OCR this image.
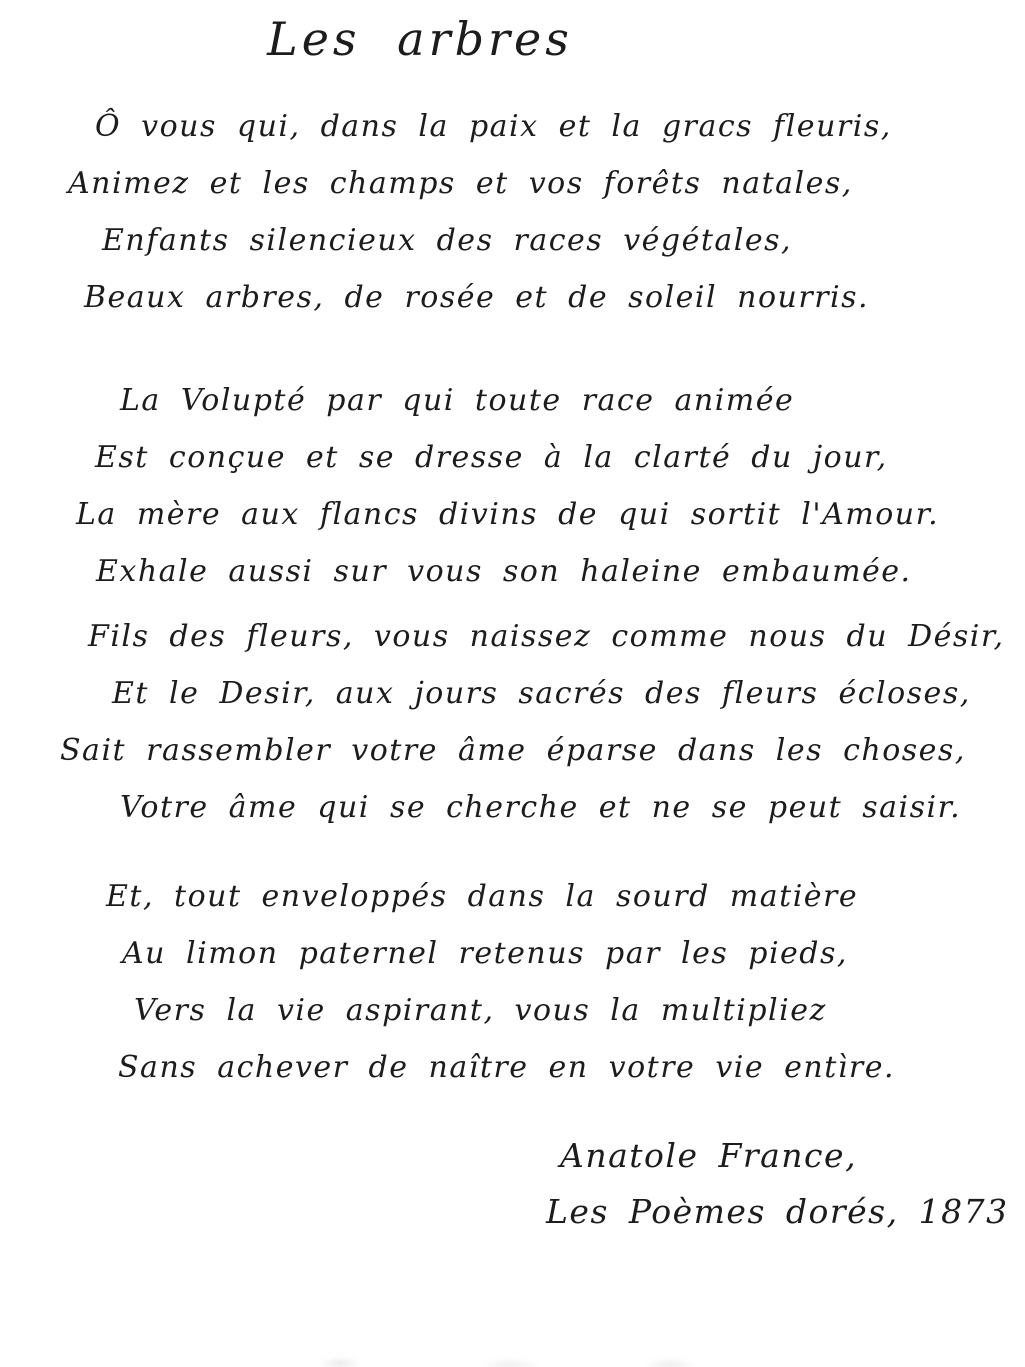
Les arbres
Ô vous qui, dans la paix et la gracs fleuris,
Animez et les champs et vos forêts natales,
Enfants silencieux des races végétales,
Beaux arbres, de rosée et de soleil nourris.
La Volupté par qui toute race animée
Est conçue et se dresse à la clarté du jour,
La mère aux flancs divins de qui sortit l'Amour.
Exhale aussi sur vous son haleine embaumée.
Fils des fleurs, vous naissez comme nous du Désir,
Et le Desir, aux jours sacrés des fleurs écloses,
Sait rassembler votre âme éparse dans les choses,
Votre âme qui se cherche et ne se peut saisir.
Et, tout enveloppés dans la sourd matière
Au limon paternel retenus par les pieds,
Vers la vie aspirant, vous la multipliez
Sans achever de naître en votre vie entìre.
Anatole France,
Les Poèmes dorés, 1873
